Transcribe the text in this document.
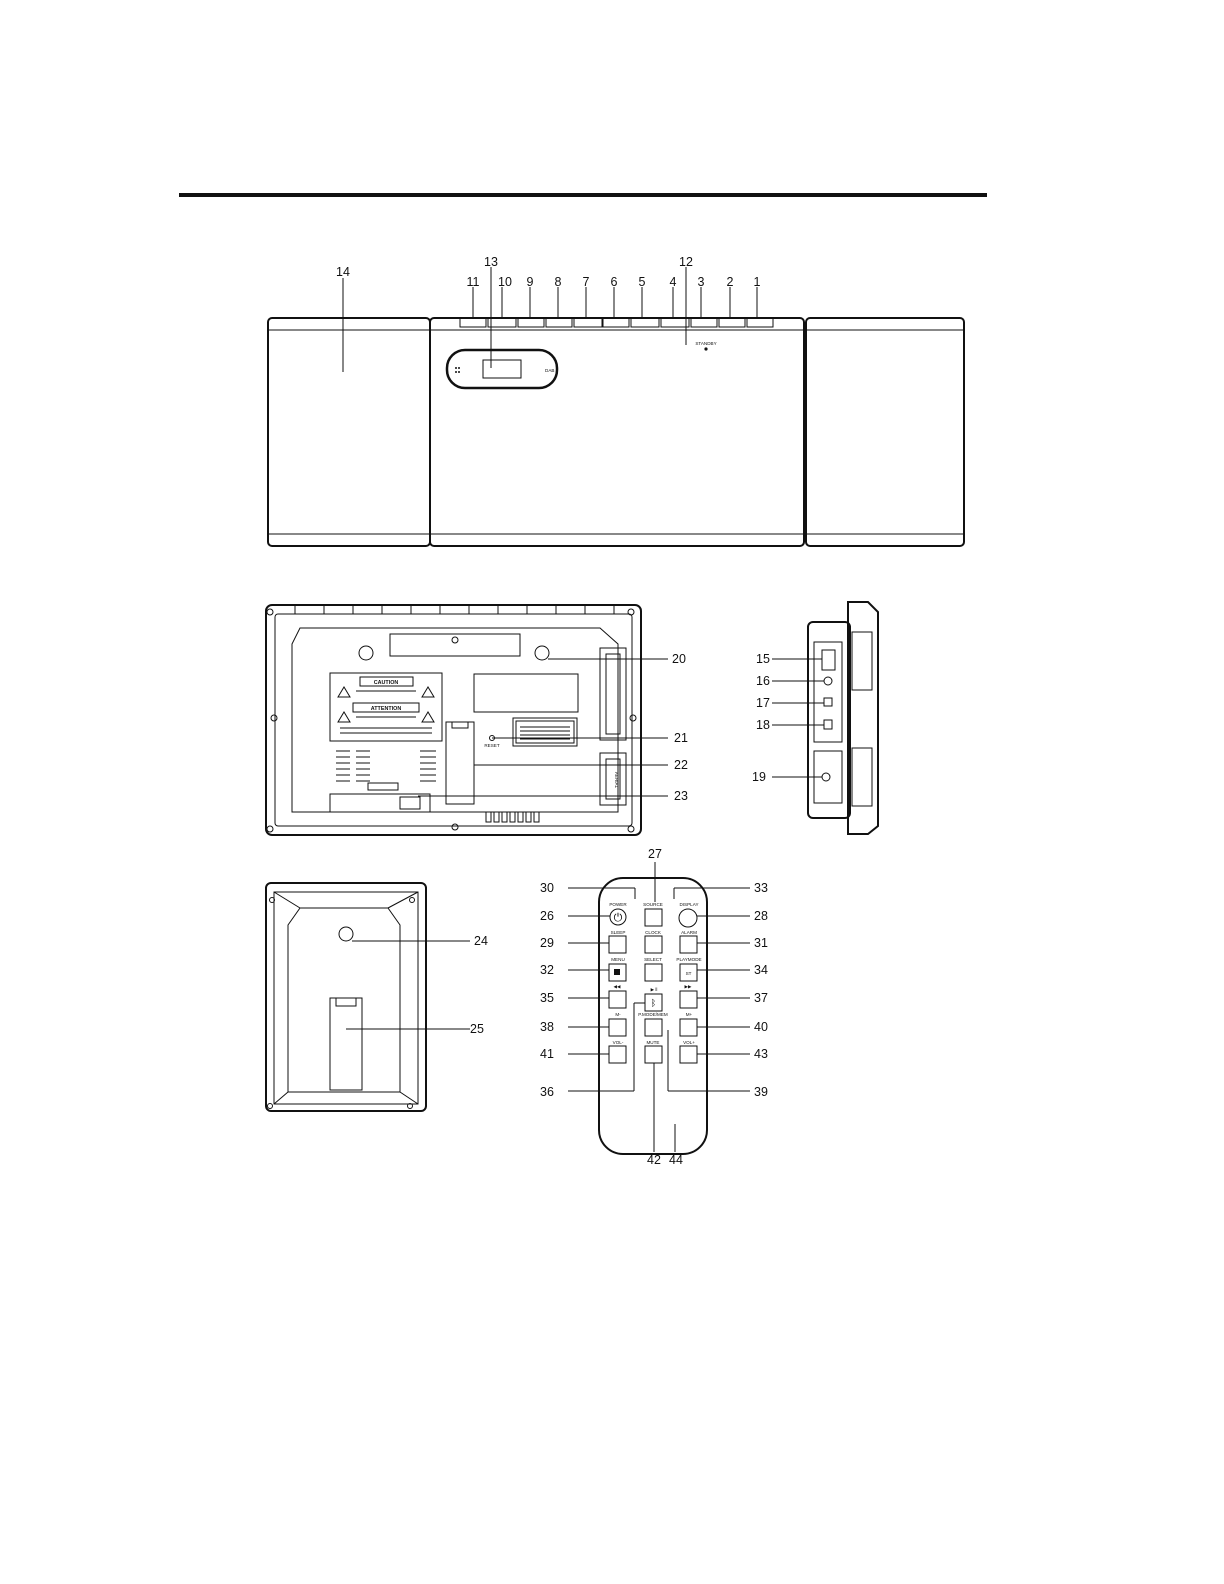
STANDBY
DAB
CAUTION
ATTENTION
RESET
AERIAL
⏻
ST
◀◀	▶▶
▶ ll
ᛒ
POWER	SOURCE	DISPLAY
SLEEP	CLOCK	ALARM
MENU	SELECT	PLAYMODE
M-	P.MODE/MEM	M+
VOL-	MUTE	VOL+
1
2
3
4
5
6
7
8
9
10
11
12
13
14
15
16
17
18
19
20
21
22
23
24
25
26
27
28
29
30
31
32
33
34
35
36
37
38
39
40
41
42
43
44
